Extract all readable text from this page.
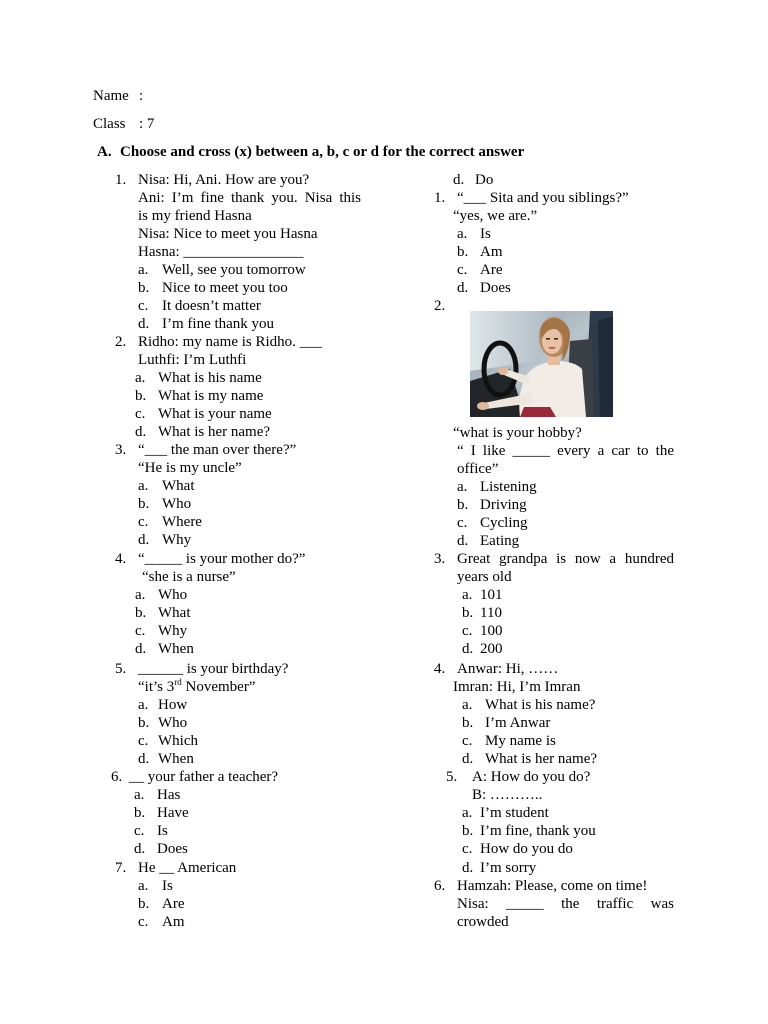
Name :
Class : 7
A. Choose and cross (x) between a, b, c or d for the correct answer
1. Nisa: Hi, Ani. How are you?
Ani: I’m fine thank you. Nisa this
is my friend Hasna
Nisa: Nice to meet you Hasna
Hasna: ________________
a. Well, see you tomorrow
b. Nice to meet you too
c. It doesn’t matter
d. I’m fine thank you
2. Ridho: my name is Ridho. ___
Luthfi: I’m Luthfi
a. What is his name
b. What is my name
c. What is your name
d. What is her name?
3. “___ the man over there?”
“He is my uncle”
a. What
b. Who
c. Where
d. Why
4. “_____ is your mother do?”
“she is a nurse”
a. Who
b. What
c. Why
d. When
5. ______ is your birthday?
“it’s 3rd November”
a. How
b. Who
c. Which
d. When
6. __ your father a teacher?
a. Has
b. Have
c. Is
d. Does
7. He __ American
a. Is
b. Are
c. Am
d. Do
1. “___ Sita and you siblings?”
“yes, we are.”
a. Is
b. Am
c. Are
d. Does
2.
“what is your hobby?
“ I like _____ every a car to the
office”
a. Listening
b. Driving
c. Cycling
d. Eating
3. Great grandpa is now a hundred
years old
a. 101
b. 110
c. 100
d. 200
4. Anwar: Hi, ……
Imran: Hi, I’m Imran
a. What is his name?
b. I’m Anwar
c. My name is
d. What is her name?
5. A: How do you do?
B: ………..
a. I’m student
b. I’m fine, thank you
c. How do you do
d. I’m sorry
6. Hamzah: Please, come on time!
Nisa: _____ the traffic was
crowded
